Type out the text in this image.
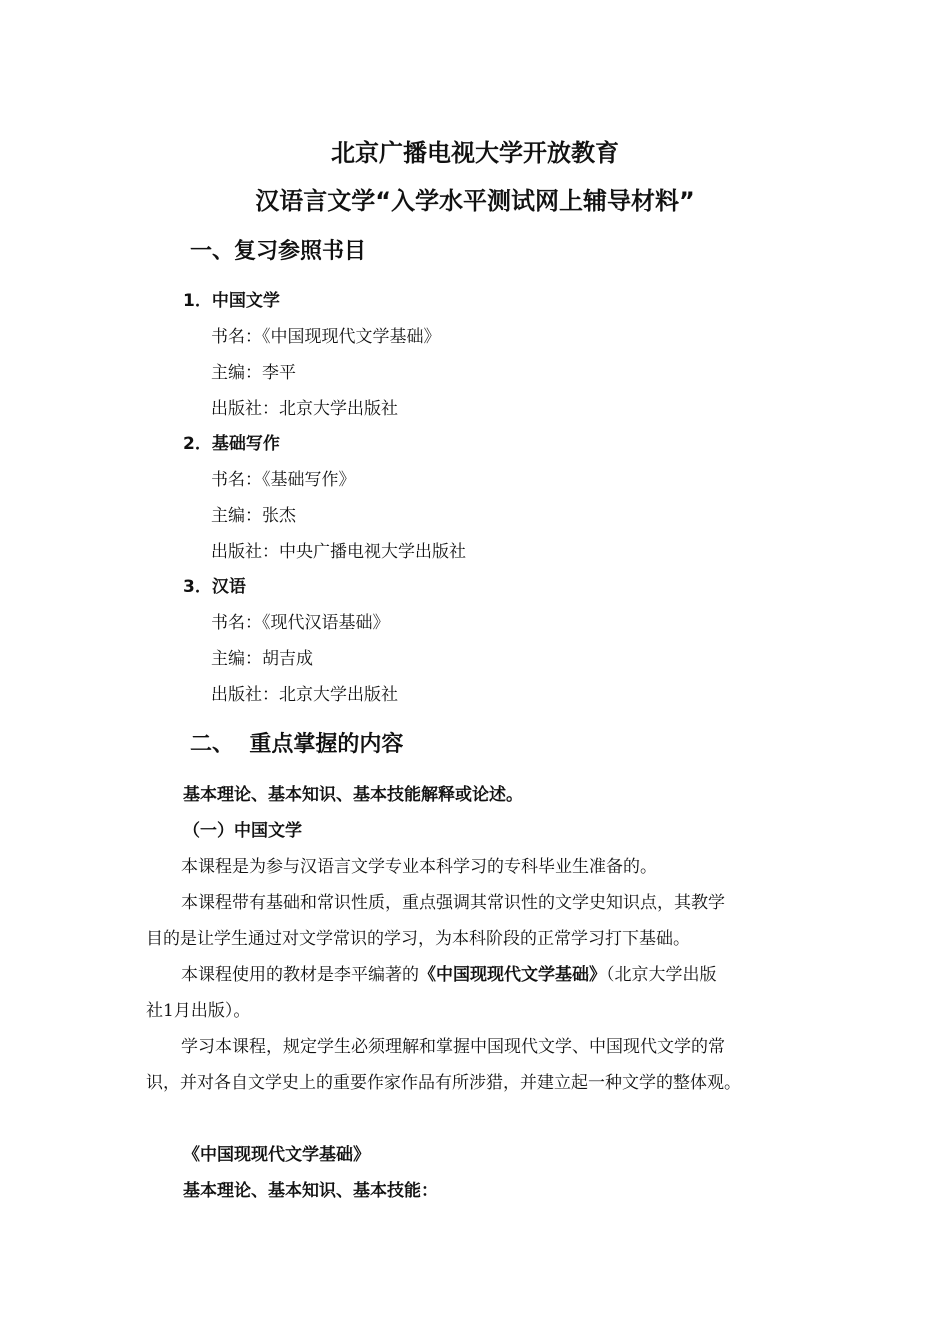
北京广播电视大学开放教育
汉语言文学“入学水平测试网上辅导材料”
一、复习参照书目
1．中国文学
书名：《中国现现代文学基础》
主编：李平
出版社：北京大学出版社
2．基础写作
书名：《基础写作》
主编：张杰
出版社：中央广播电视大学出版社
3．汉语
书名：《现代汉语基础》
主编：胡吉成
出版社：北京大学出版社
二、  重点掌握的内容
基本理论、基本知识、基本技能解释或论述。
（一）中国文学
本课程是为参与汉语言文学专业本科学习的专科毕业生准备的。
本课程带有基础和常识性质，重点强调其常识性的文学史知识点，其教学
目的是让学生通过对文学常识的学习，为本科阶段的正常学习打下基础。
本课程使用的教材是李平编著的《中国现现代文学基础》（北京大学出版
社1月出版）。
学习本课程，规定学生必须理解和掌握中国现代文学、中国现代文学的常
识，并对各自文学史上的重要作家作品有所涉猎，并建立起一种文学的整体观。
《中国现现代文学基础》
基本理论、基本知识、基本技能：
